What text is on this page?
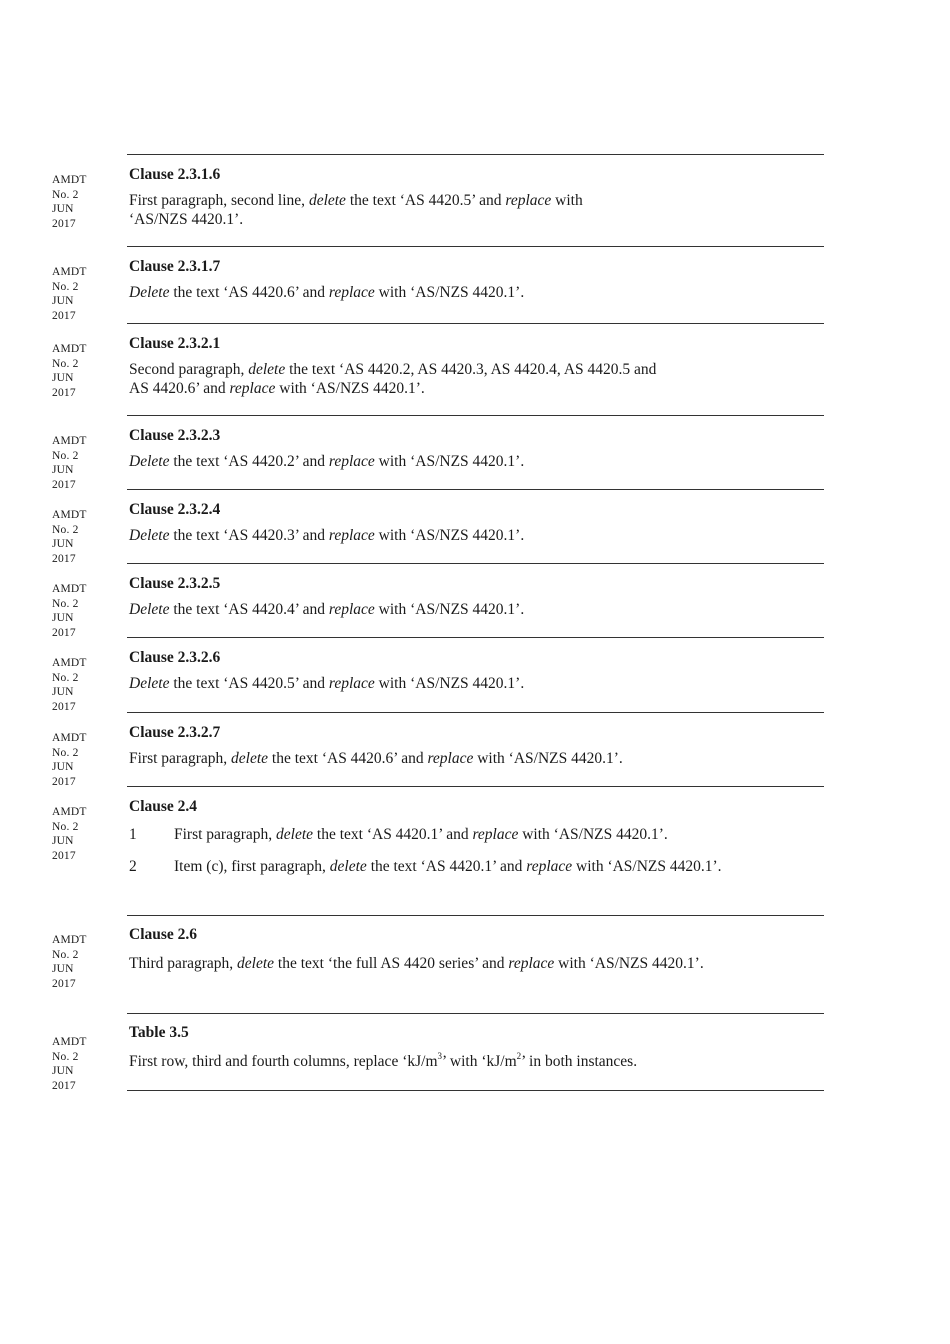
AMDT
No. 2
JUN
2017
Clause 2.3.1.6

First paragraph, second line, delete the text ‘AS 4420.5’ and replace with
‘AS/NZS 4420.1’.

AMDT
No. 2
JUN
2017
Clause 2.3.1.7

Delete the text ‘AS 4420.6’ and replace with ‘AS/NZS 4420.1’.

AMDT
No. 2
JUN
2017
Clause 2.3.2.1

Second paragraph, delete the text ‘AS 4420.2, AS 4420.3, AS 4420.4, AS 4420.5 and
AS 4420.6’ and replace with ‘AS/NZS 4420.1’.

AMDT
No. 2
JUN
2017
Clause 2.3.2.3

Delete the text ‘AS 4420.2’ and replace with ‘AS/NZS 4420.1’.

AMDT
No. 2
JUN
2017
Clause 2.3.2.4

Delete the text ‘AS 4420.3’ and replace with ‘AS/NZS 4420.1’.

AMDT
No. 2
JUN
2017
Clause 2.3.2.5

Delete the text ‘AS 4420.4’ and replace with ‘AS/NZS 4420.1’.

AMDT
No. 2
JUN
2017
Clause 2.3.2.6

Delete the text ‘AS 4420.5’ and replace with ‘AS/NZS 4420.1’.

AMDT
No. 2
JUN
2017
Clause 2.3.2.7

First paragraph, delete the text ‘AS 4420.6’ and replace with ‘AS/NZS 4420.1’.

AMDT
No. 2
JUN
2017
Clause 2.4
1 First paragraph, delete the text ‘AS 4420.1’ and replace with ‘AS/NZS 4420.1’.
2 Item (c), first paragraph, delete the text ‘AS 4420.1’ and replace with ‘AS/NZS 4420.1’.
AMDT
No. 2
JUN
2017
Clause 2.6

Third paragraph, delete the text ‘the full AS 4420 series’ and replace with ‘AS/NZS 4420.1’.

AMDT
No. 2
JUN
2017
Table 3.5

First row, third and fourth columns, replace ‘$kJ/m^3$’ with ‘$kJ/m^2$’ in both instances.
